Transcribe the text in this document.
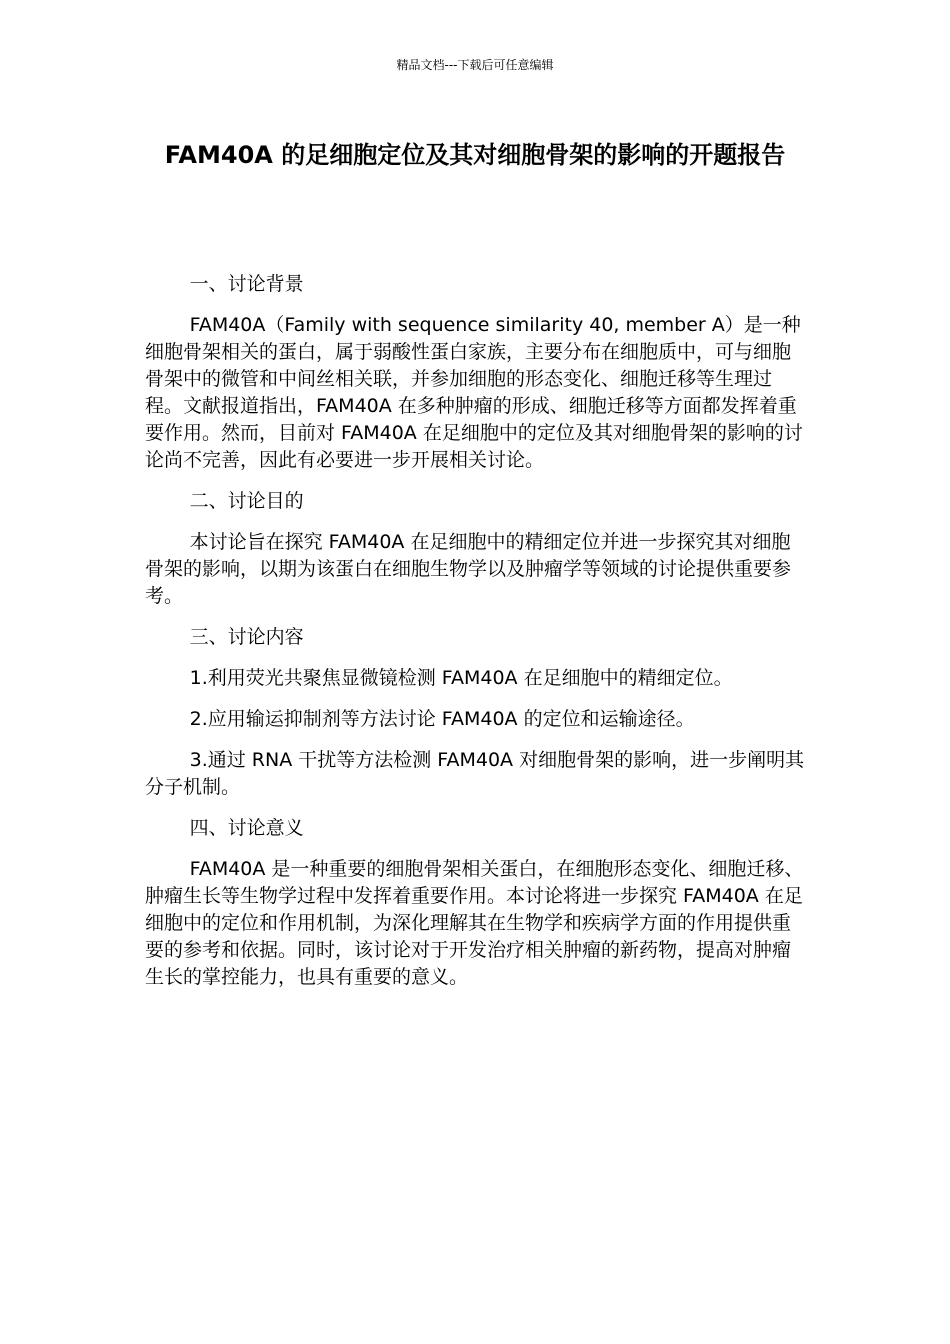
精品文档---下载后可任意编辑
FAM40A 的足细胞定位及其对细胞骨架的影响的开题报告

一、讨论背景

FAM40A（Family with sequence similarity 40, member A）是一种细胞骨架相关的蛋白，属于弱酸性蛋白家族，主要分布在细胞质中，可与细胞骨架中的微管和中间丝相关联，并参加细胞的形态变化、细胞迁移等生理过程。文献报道指出，FAM40A 在多种肿瘤的形成、细胞迁移等方面都发挥着重要作用。然而，目前对 FAM40A 在足细胞中的定位及其对细胞骨架的影响的讨论尚不完善，因此有必要进一步开展相关讨论。

二、讨论目的

本讨论旨在探究 FAM40A 在足细胞中的精细定位并进一步探究其对细胞骨架的影响，以期为该蛋白在细胞生物学以及肿瘤学等领域的讨论提供重要参考。

三、讨论内容

1.利用荧光共聚焦显微镜检测 FAM40A 在足细胞中的精细定位。

2.应用输运抑制剂等方法讨论 FAM40A 的定位和运输途径。

3.通过 RNA 干扰等方法检测 FAM40A 对细胞骨架的影响，进一步阐明其分子机制。

四、讨论意义

FAM40A 是一种重要的细胞骨架相关蛋白，在细胞形态变化、细胞迁移、肿瘤生长等生物学过程中发挥着重要作用。本讨论将进一步探究 FAM40A 在足细胞中的定位和作用机制，为深化理解其在生物学和疾病学方面的作用提供重要的参考和依据。同时，该讨论对于开发治疗相关肿瘤的新药物，提高对肿瘤生长的掌控能力，也具有重要的意义。
